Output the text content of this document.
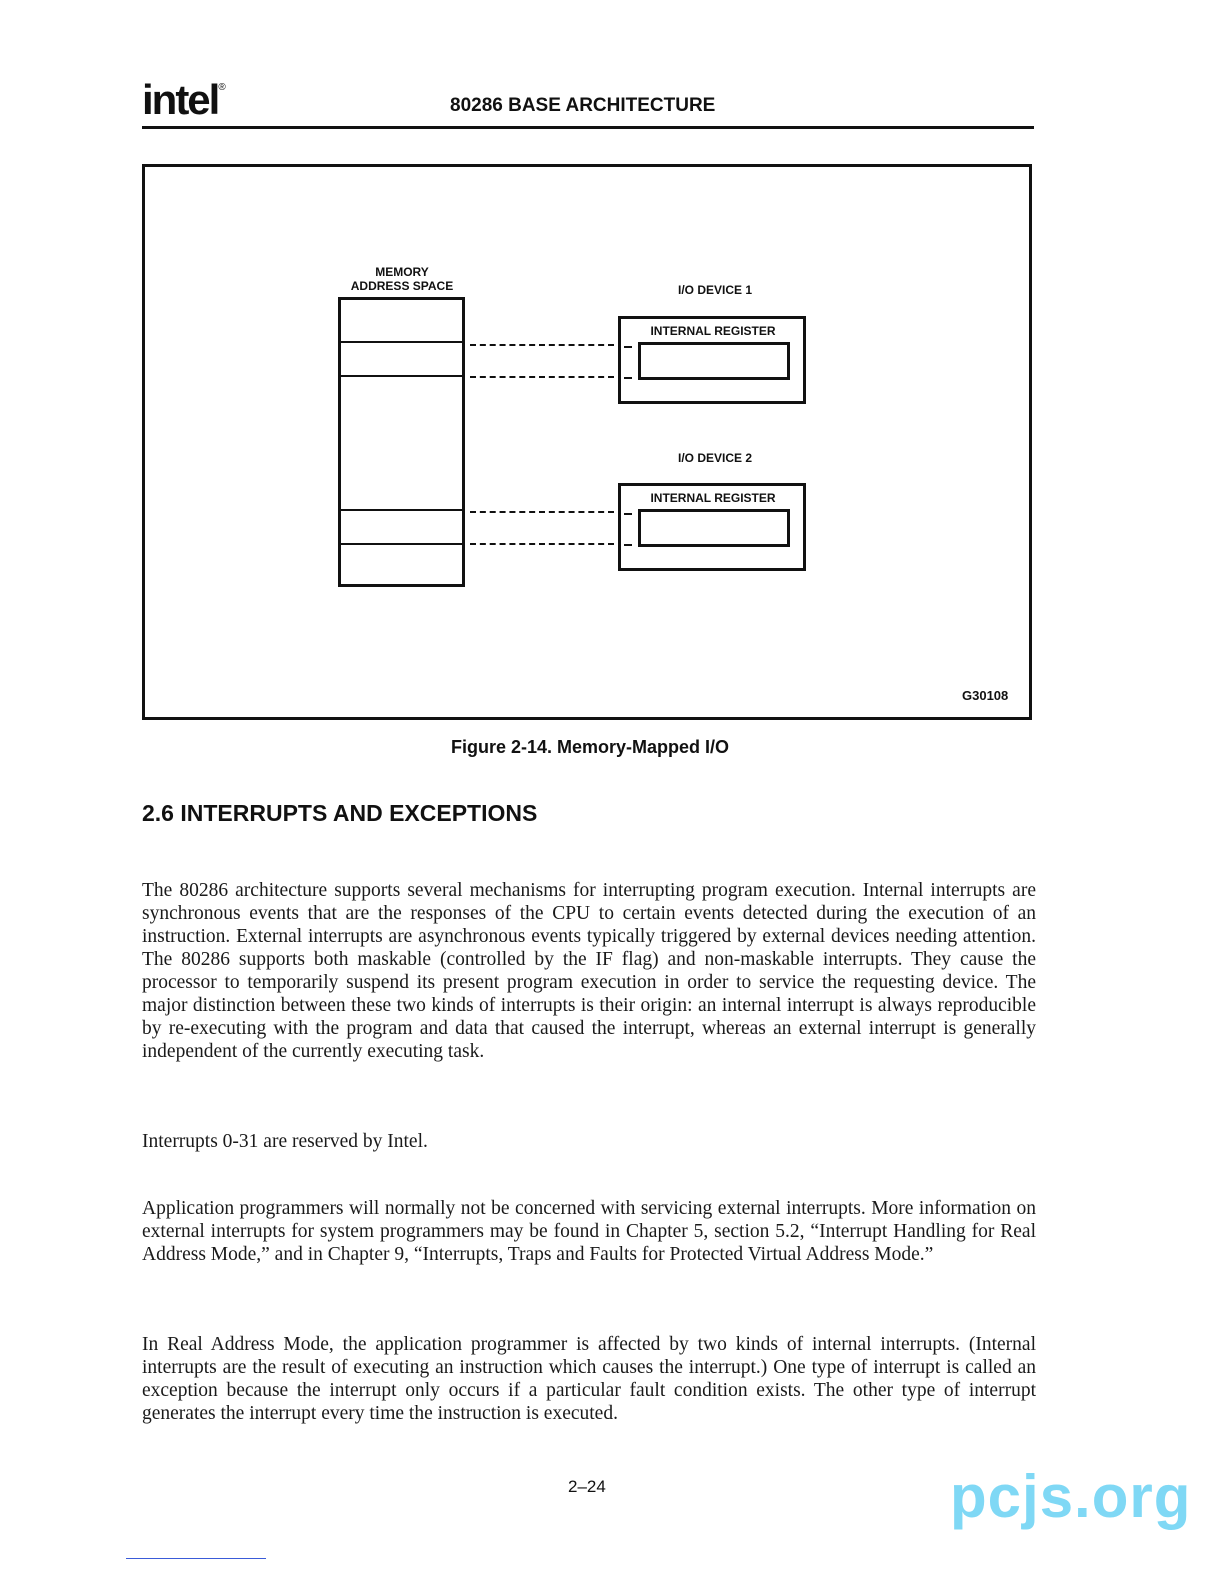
intel®
80286 BASE ARCHITECTURE
MEMORY
ADDRESS SPACE	I/O DEVICE 1
INTERNAL REGISTER
I/O DEVICE 2
INTERNAL REGISTER
G30108
Figure 2-14. Memory-Mapped I/O
2.6 INTERRUPTS AND EXCEPTIONS

The 80286 architecture supports several mechanisms for interrupting program execution. Internal interrupts are synchronous events that are the responses of the CPU to certain events detected during the execution of an instruction. External interrupts are asynchronous events typically triggered by external devices needing attention. The 80286 supports both maskable (controlled by the IF flag) and non-maskable interrupts. They cause the processor to temporarily suspend its present program execution in order to service the requesting device. The major distinction between these two kinds of interrupts is their origin: an internal interrupt is always reproducible by re-executing with the program and data that caused the interrupt, whereas an external interrupt is generally independent of the currently executing task.

Interrupts 0-31 are reserved by Intel.

Application programmers will normally not be concerned with servicing external interrupts. More information on external interrupts for system programmers may be found in Chapter 5, section 5.2, “Interrupt Handling for Real Address Mode,” and in Chapter 9, “Interrupts, Traps and Faults for Protected Virtual Address Mode.”

In Real Address Mode, the application programmer is affected by two kinds of internal interrupts. (Internal interrupts are the result of executing an instruction which causes the interrupt.) One type of interrupt is called an exception because the interrupt only occurs if a particular fault condition exists. The other type of interrupt generates the interrupt every time the instruction is executed.

2–24	pcjs.org
